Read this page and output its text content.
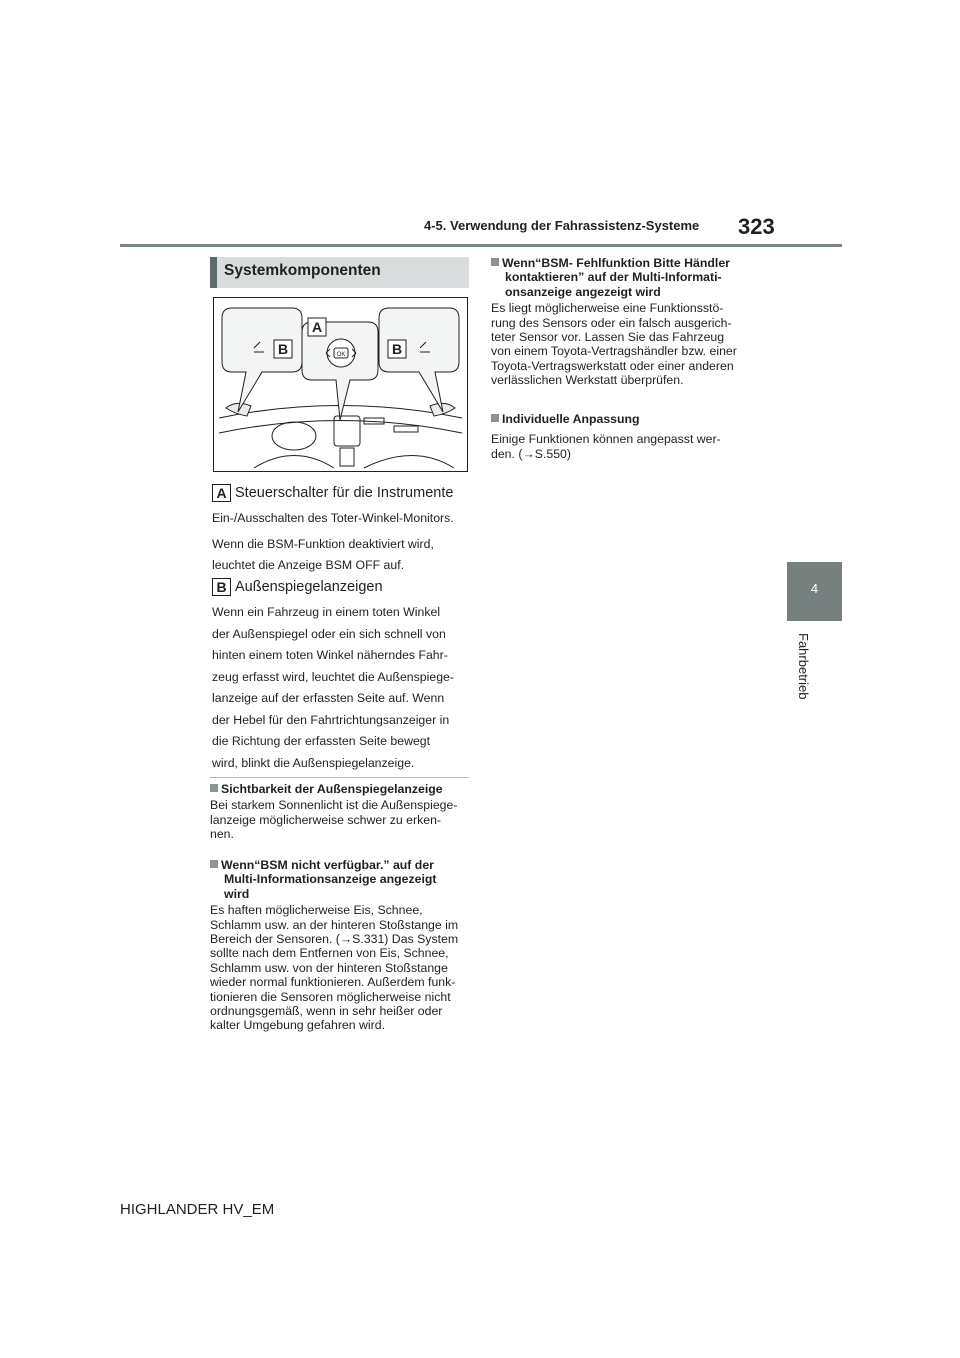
4-5. Verwendung der Fahrassistenz-Systeme 323
4
Fahrbetrieb
Systemkomponenten
B	B
A
OK
A Steuerschalter für die Instrumente
Ein-/Ausschalten des Toter-Winkel-Monitors.
Wenn die BSM-Funktion deaktiviert wird,
leuchtet die Anzeige BSM OFF auf.
B Außenspiegelanzeigen
Wenn ein Fahrzeug in einem toten Winkel
der Außenspiegel oder ein sich schnell von
hinten einem toten Winkel näherndes Fahr-
zeug erfasst wird, leuchtet die Außenspiege-
lanzeige auf der erfassten Seite auf. Wenn
der Hebel für den Fahrtrichtungsanzeiger in
die Richtung der erfassten Seite bewegt
wird, blinkt die Außenspiegelanzeige.
Sichtbarkeit der Außenspiegelanzeige
Bei starkem Sonnenlicht ist die Außenspiege-
lanzeige möglicherweise schwer zu erken-
nen.
Wenn“BSM nicht verfügbar.” auf der
Multi-Informationsanzeige angezeigt
wird
Es haften möglicherweise Eis, Schnee,
Schlamm usw. an der hinteren Stoßstange im
Bereich der Sensoren. (→S.331) Das System
sollte nach dem Entfernen von Eis, Schnee,
Schlamm usw. von der hinteren Stoßstange
wieder normal funktionieren. Außerdem funk-
tionieren die Sensoren möglicherweise nicht
ordnungsgemäß, wenn in sehr heißer oder
kalter Umgebung gefahren wird.
Wenn“BSM- Fehlfunktion Bitte Händler
kontaktieren” auf der Multi-Informati-
onsanzeige angezeigt wird
Es liegt möglicherweise eine Funktionsstö-
rung des Sensors oder ein falsch ausgerich-
teter Sensor vor. Lassen Sie das Fahrzeug
von einem Toyota-Vertragshändler bzw. einer
Toyota-Vertragswerkstatt oder einer anderen
verlässlichen Werkstatt überprüfen.
Individuelle Anpassung
Einige Funktionen können angepasst wer-
den. (→S.550)
HIGHLANDER HV_EM
